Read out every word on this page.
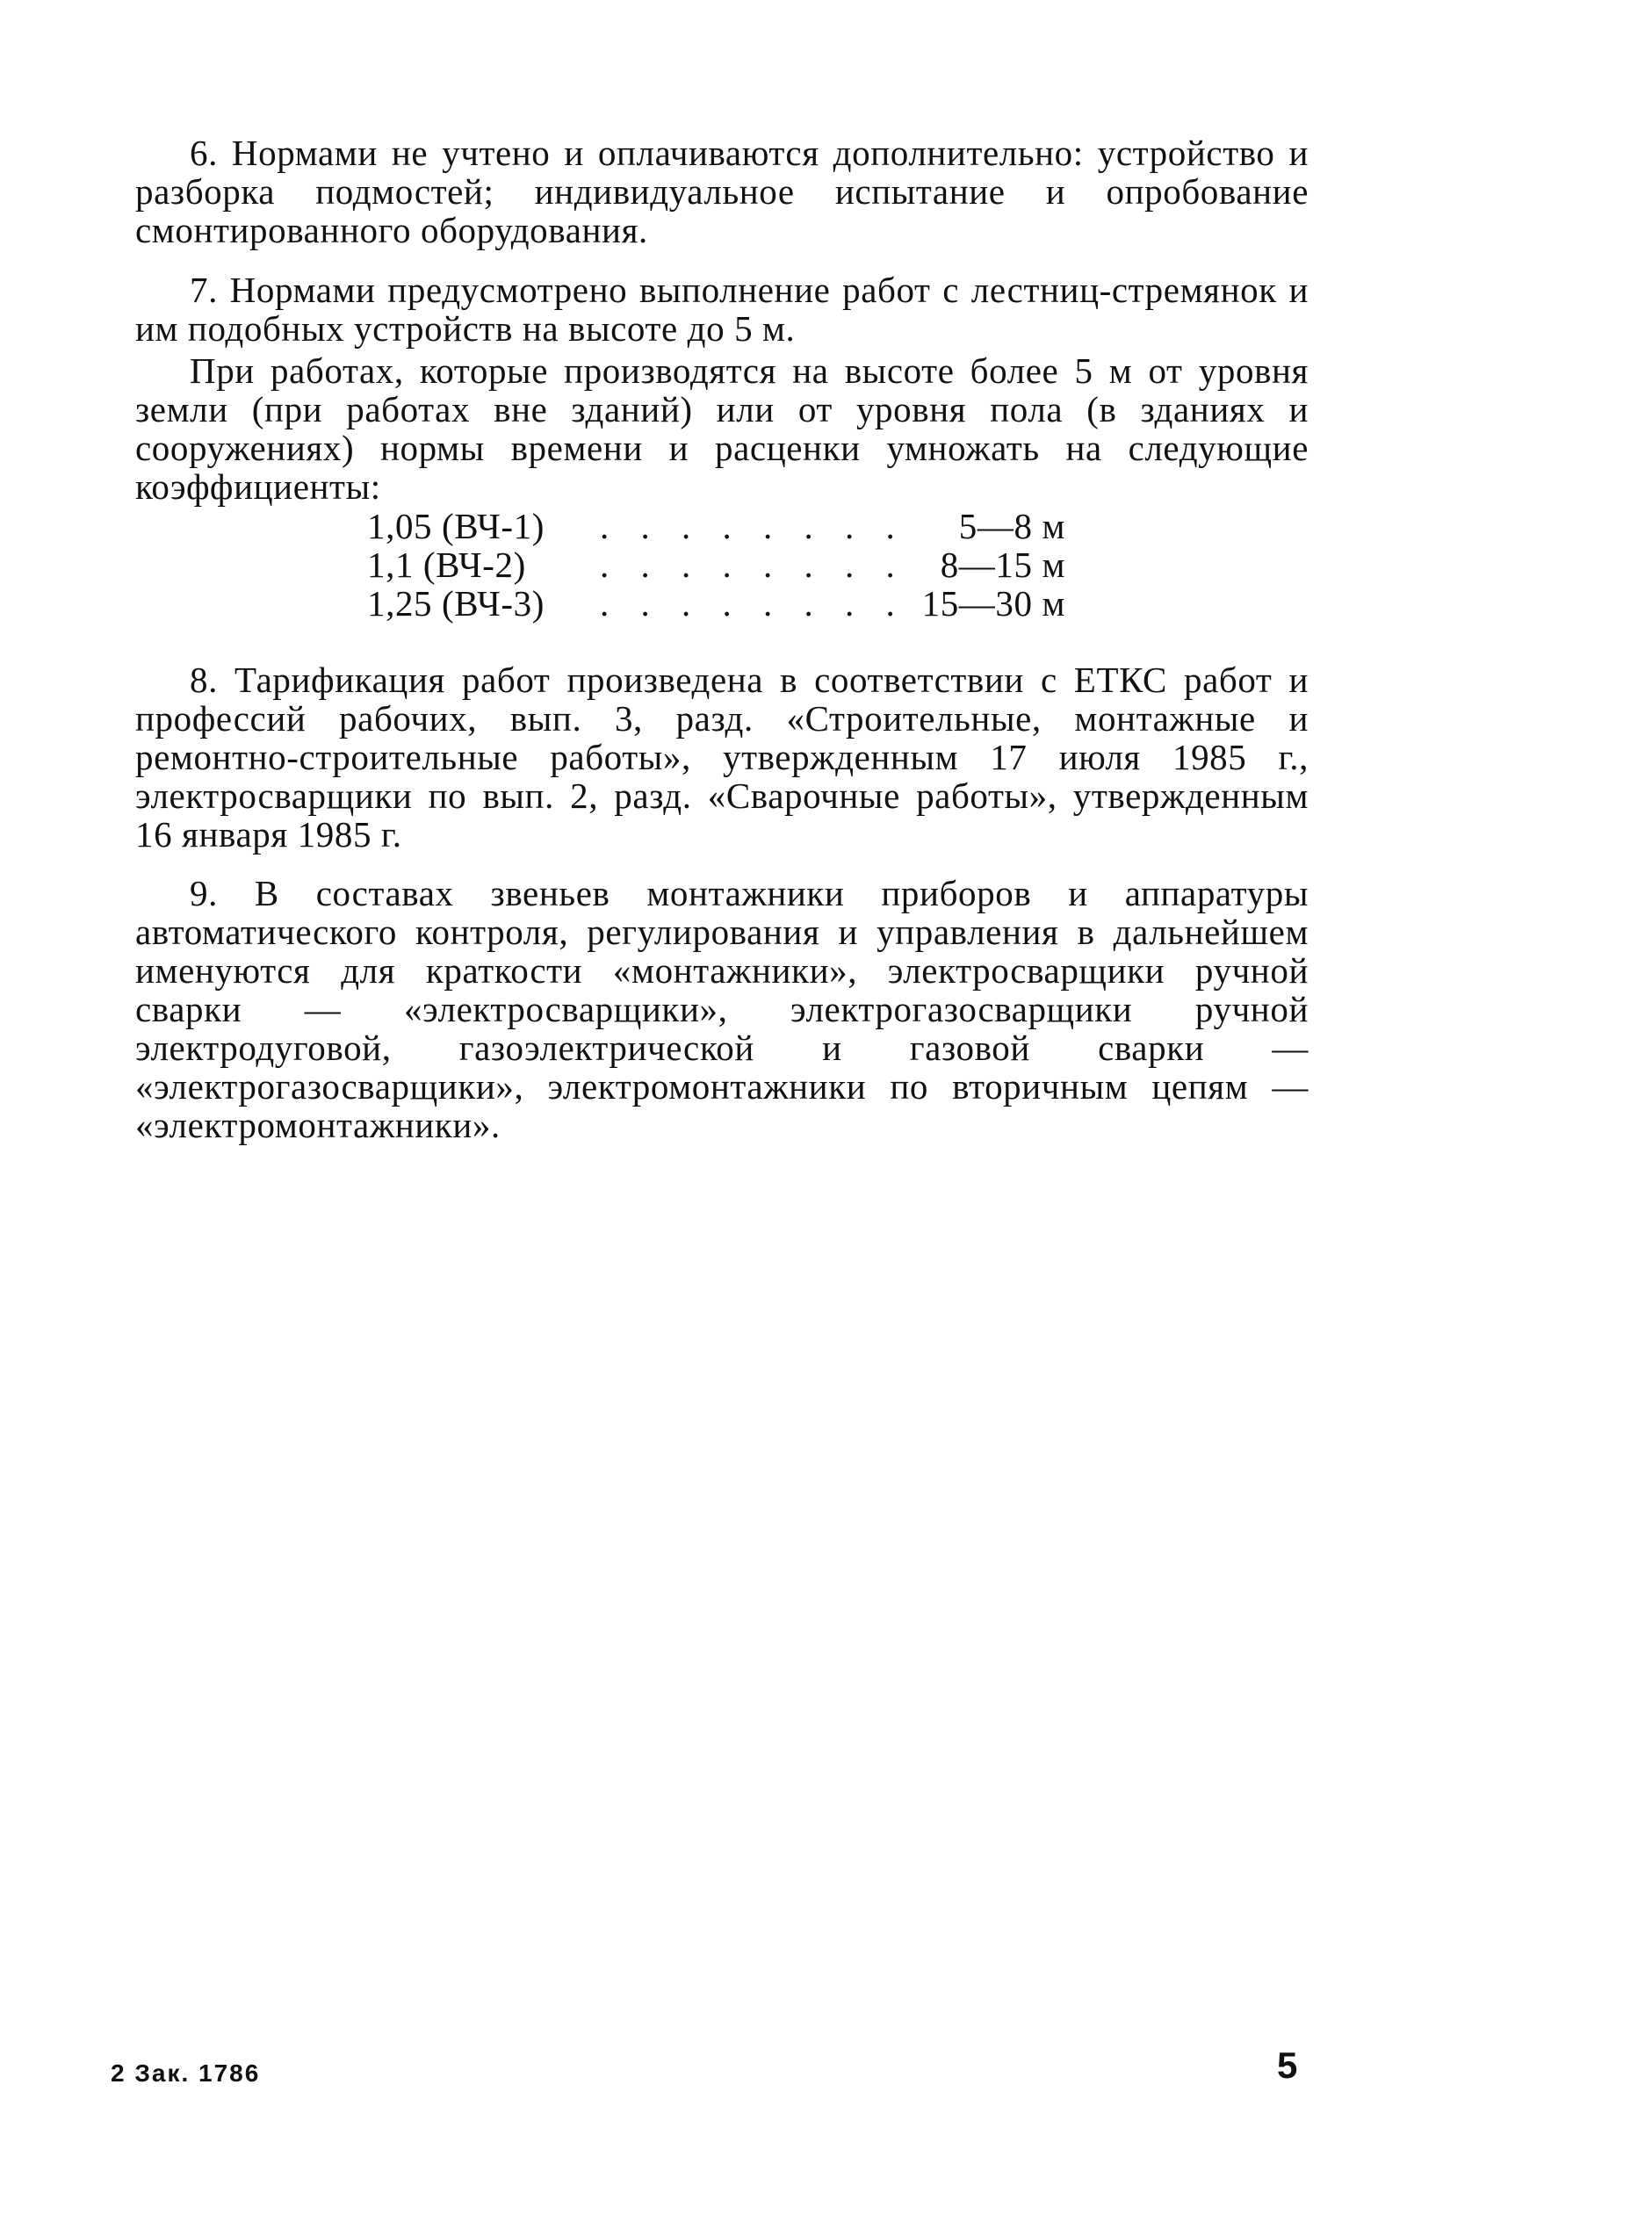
6. Нормами не учтено и оплачиваются дополнительно: устройство и разборка подмостей; индивидуальное испытание и опробование смонтированного оборудования.

7. Нормами предусмотрено выполнение работ с лестниц-стремянок и им подобных устройств на высоте до 5 м.

При работах, которые производятся на высоте более 5 м от уровня земли (при работах вне зданий) или от уровня пола (в зданиях и сооружениях) нормы времени и расценки умножать на следующие коэффициенты:

1,05 (ВЧ-1)	. . . . . . . .	5—8 м
1,1 (ВЧ-2)	. . . . . . . . 8—15 м
1,25 (ВЧ-3)	. . . . . . . . 15—30 м

8. Тарификация работ произведена в соответствии с ЕТКС работ и профессий рабочих, вып. 3, разд. «Строительные, монтажные и ремонтно-строительные работы», утвержденным 17 июля 1985 г., электросварщики по вып. 2, разд. «Сварочные работы», утвержденным 16 января 1985 г.

9. В составах звеньев монтажники приборов и аппаратуры автоматического контроля, регулирования и управления в дальнейшем именуются для краткости «монтажники», электросварщики ручной сварки — «электросварщики», электрогазосварщики ручной электродуговой, газоэлектрической и газовой сварки — «электрогазосварщики», электромонтажники по вторичным цепям — «электромонтажники».

2 Зак. 1786	5
